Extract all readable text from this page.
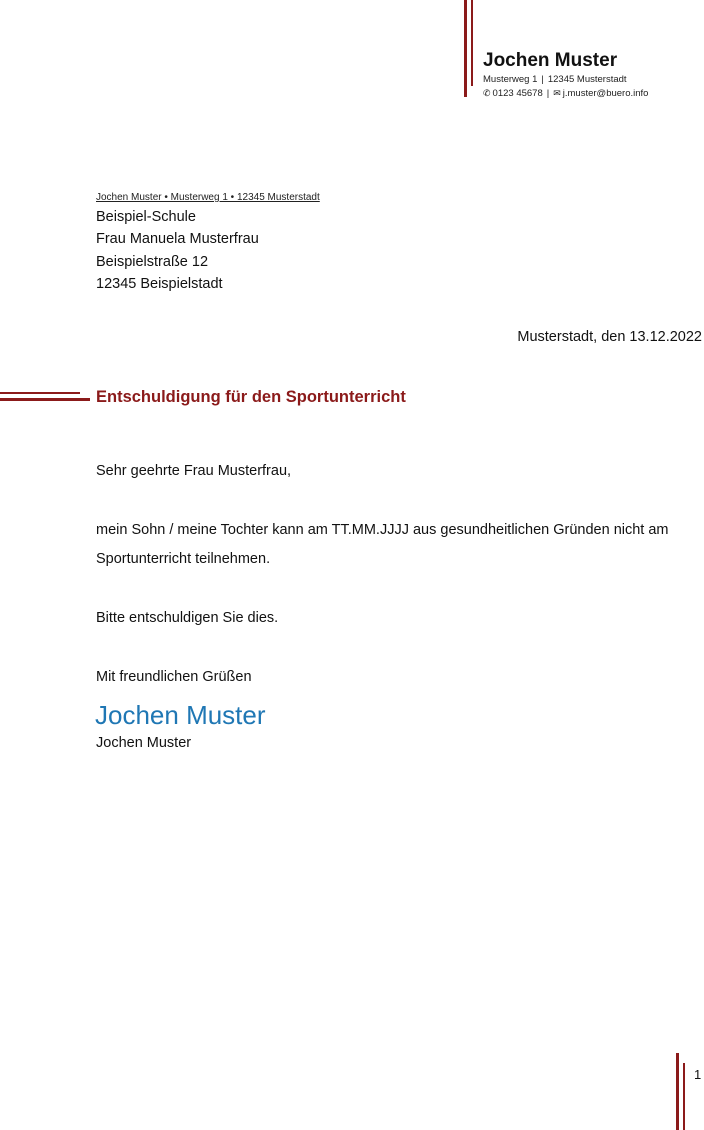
Jochen Muster
Musterweg 1 | 12345 Musterstadt
✆ 0123 45678 | ✉ j.muster@buero.info
Jochen Muster • Musterweg 1 • 12345 Musterstadt
Beispiel-Schule
Frau Manuela Musterfrau
Beispielstraße 12
12345 Beispielstadt
Musterstadt, den 13.12.2022
Entschuldigung für den Sportunterricht
Sehr geehrte Frau Musterfrau,
mein Sohn / meine Tochter kann am TT.MM.JJJJ aus gesundheitlichen Gründen nicht am
Sportunterricht teilnehmen.
Bitte entschuldigen Sie dies.
Mit freundlichen Grüßen
Jochen Muster
Jochen Muster
1
